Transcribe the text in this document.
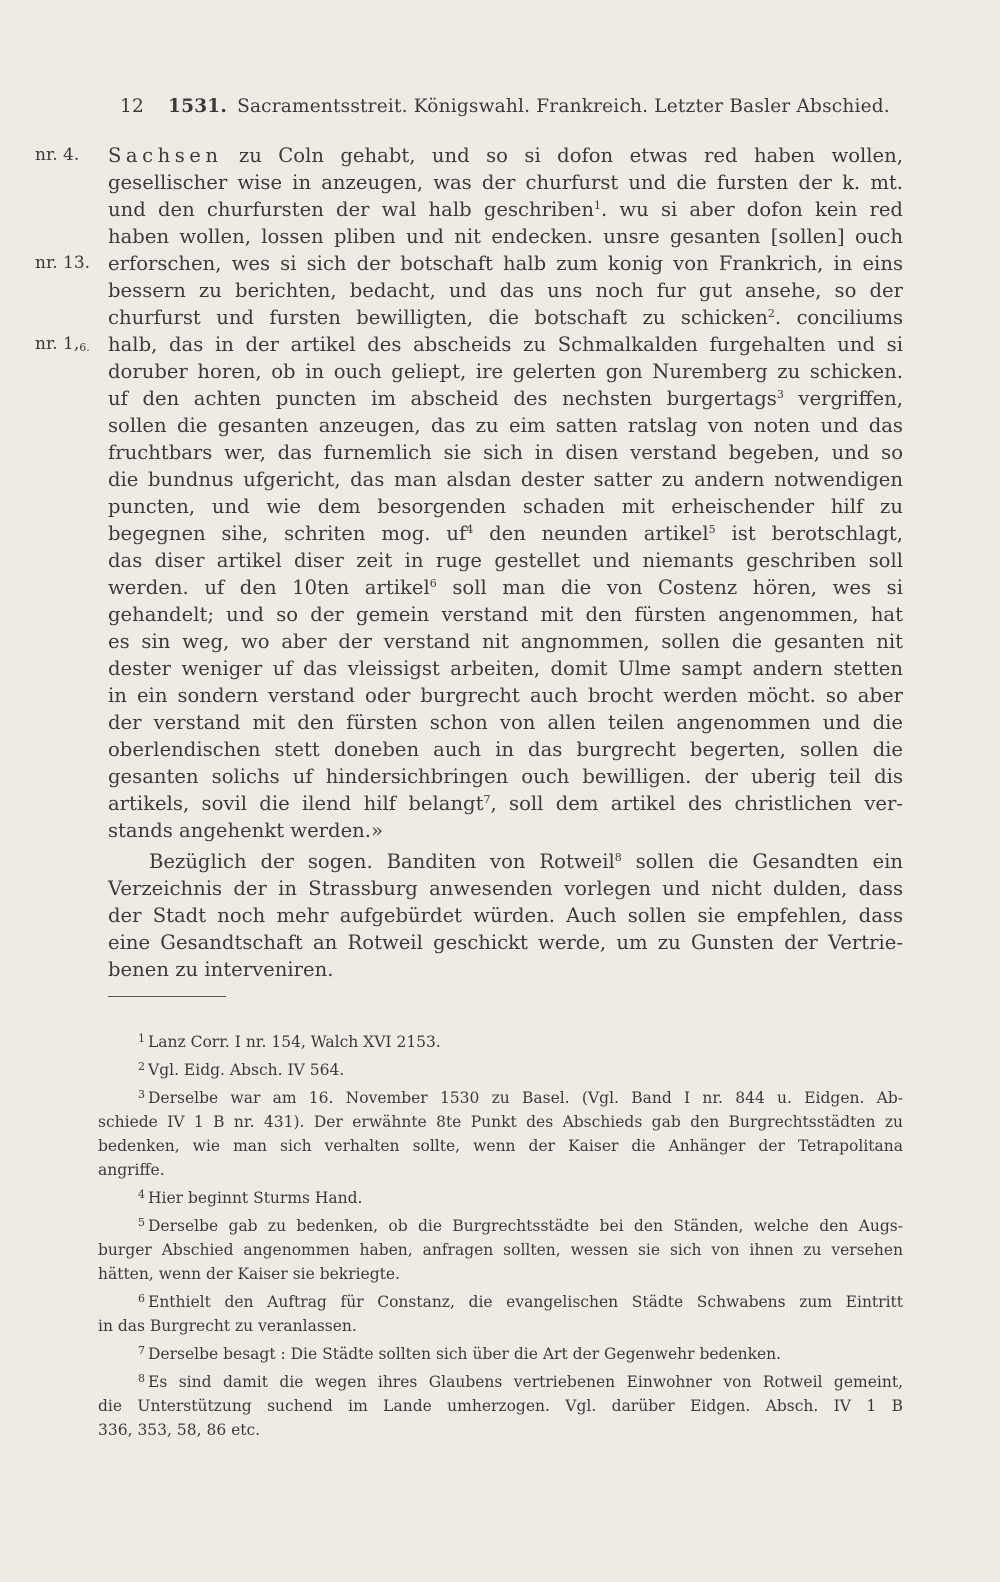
12 1531. Sacramentsstreit. Königswahl. Frankreich. Letzter Basler Abschied.
nr. 4.
nr. 13.
nr. $1,_{6.}$
Sachsen zu Coln gehabt, und so si dofon etwas red haben wollen,
gesellischer wise in anzeugen, was der churfurst und die fursten der k. mt.
und den churfursten der wal halb geschriben$^1$. wu si aber dofon kein red
haben wollen, lossen pliben und nit endecken. unsre gesanten [sollen] ouch
erforschen, wes si sich der botschaft halb zum konig von Frankrich, in eins
bessern zu berichten, bedacht, und das uns noch fur gut ansehe, so der
churfurst und fursten bewilligten, die botschaft zu schicken$^2$. conciliums
halb, das in der artikel des abscheids zu Schmalkalden furgehalten und si
doruber horen, ob in ouch geliept, ire gelerten gon Nuremberg zu schicken.
uf den achten puncten im abscheid des nechsten burgertags$^3$ vergriffen,
sollen die gesanten anzeugen, das zu eim satten ratslag von noten und das
fruchtbars wer, das furnemlich sie sich in disen verstand begeben, und so
die bundnus ufgericht, das man alsdan dester satter zu andern notwendigen
puncten, und wie dem besorgenden schaden mit erheischender hilf zu
begegnen sihe, schriten mog. uf$^4$ den neunden artikel$^5$ ist berotschlagt,
das diser artikel diser zeit in ruge gestellet und niemants geschriben soll
werden. uf den 10ten artikel$^6$ soll man die von Costenz hören, wes si
gehandelt; und so der gemein verstand mit den fürsten angenommen, hat
es sin weg, wo aber der verstand nit angnommen, sollen die gesanten nit
dester weniger uf das vleissigst arbeiten, domit Ulme sampt andern stetten
in ein sondern verstand oder burgrecht auch brocht werden möcht. so aber
der verstand mit den fürsten schon von allen teilen angenommen und die
oberlendischen stett doneben auch in das burgrecht begerten, sollen die
gesanten solichs uf hindersichbringen ouch bewilligen. der uberig teil dis
artikels, sovil die ilend hilf belangt$^7$, soll dem artikel des christlichen ver-
stands angehenkt werden.»
Bezüglich der sogen. Banditen von Rotweil$^8$ sollen die Gesandten ein
Verzeichnis der in Strassburg anwesenden vorlegen und nicht dulden, dass
der Stadt noch mehr aufgebürdet würden. Auch sollen sie empfehlen, dass
eine Gesandtschaft an Rotweil geschickt werde, um zu Gunsten der Vertrie-
benen zu interveniren.
$^1$ Lanz Corr. I nr. 154, Walch XVI 2153.
$^2$ Vgl. Eidg. Absch. IV 564.
$^3$ Derselbe war am 16. November 1530 zu Basel. (Vgl. Band I nr. 844 u. Eidgen. Ab-
schiede IV 1 B nr. 431). Der erwähnte 8te Punkt des Abschieds gab den Burgrechtsstädten zu
bedenken, wie man sich verhalten sollte, wenn der Kaiser die Anhänger der Tetrapolitana
angriffe.
$^4$ Hier beginnt Sturms Hand.
$^5$ Derselbe gab zu bedenken, ob die Burgrechtsstädte bei den Ständen, welche den Augs-
burger Abschied angenommen haben, anfragen sollten, wessen sie sich von ihnen zu versehen
hätten, wenn der Kaiser sie bekriegte.
$^6$ Enthielt den Auftrag für Constanz, die evangelischen Städte Schwabens zum Eintritt
in das Burgrecht zu veranlassen.
$^7$ Derselbe besagt : Die Städte sollten sich über die Art der Gegenwehr bedenken.
$^8$ Es sind damit die wegen ihres Glaubens vertriebenen Einwohner von Rotweil gemeint,
die Unterstützung suchend im Lande umherzogen. Vgl. darüber Eidgen. Absch. IV 1 B
336, 353, 58, 86 etc.
